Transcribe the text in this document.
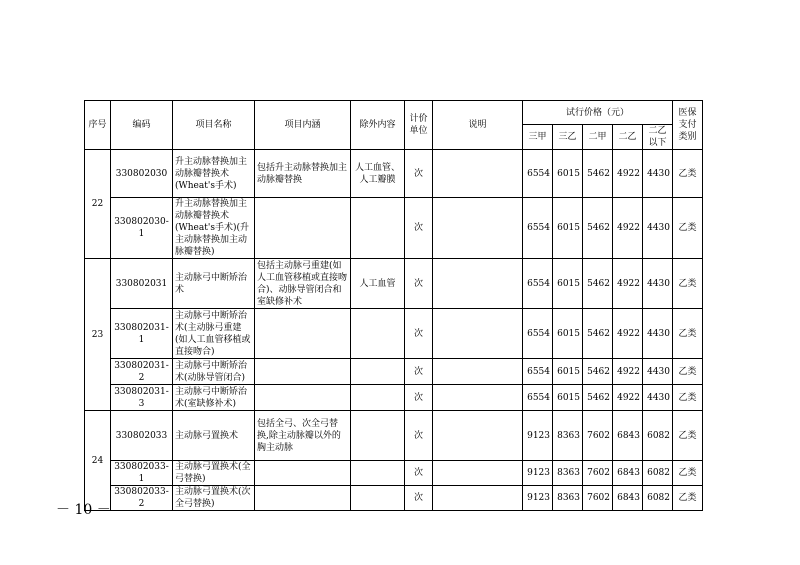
序号	编码	项目名称	项目内涵	除外内容	计价单位	说明	试行价格（元）					医保支付类别
							三甲	三乙	二甲	二乙	二乙以下	
22	330802030	升主动脉替换加主动脉瓣替换术(Wheat's手术)	包括升主动脉替换加主动脉瓣替换	人工血管、人工瓣膜	次		6554	6015	5462	4922	4430	乙类
	330802030-1	升主动脉替换加主动脉瓣替换术(Wheat's手术)(升主动脉替换加主动脉瓣替换)			次		6554	6015	5462	4922	4430	乙类
23	330802031	主动脉弓中断矫治术	包括主动脉弓重建(如人工血管移植或直接吻合)、动脉导管闭合和室缺修补术	人工血管	次		6554	6015	5462	4922	4430	乙类
	330802031-1	主动脉弓中断矫治术(主动脉弓重建(如人工血管移植或直接吻合)			次		6554	6015	5462	4922	4430	乙类
	330802031-2	主动脉弓中断矫治术(动脉导管闭合)			次		6554	6015	5462	4922	4430	乙类
	330802031-3	主动脉弓中断矫治术(室缺修补术)			次		6554	6015	5462	4922	4430	乙类
24	330802033	主动脉弓置换术	包括全弓、次全弓替换,除主动脉瓣以外的胸主动脉		次		9123	8363	7602	6843	6082	乙类
	330802033-1	主动脉弓置换术(全弓替换)			次		9123	8363	7602	6843	6082	乙类
	330802033-2	主动脉弓置换术(次全弓替换)			次		9123	8363	7602	6843	6082	乙类
－ 10 －
